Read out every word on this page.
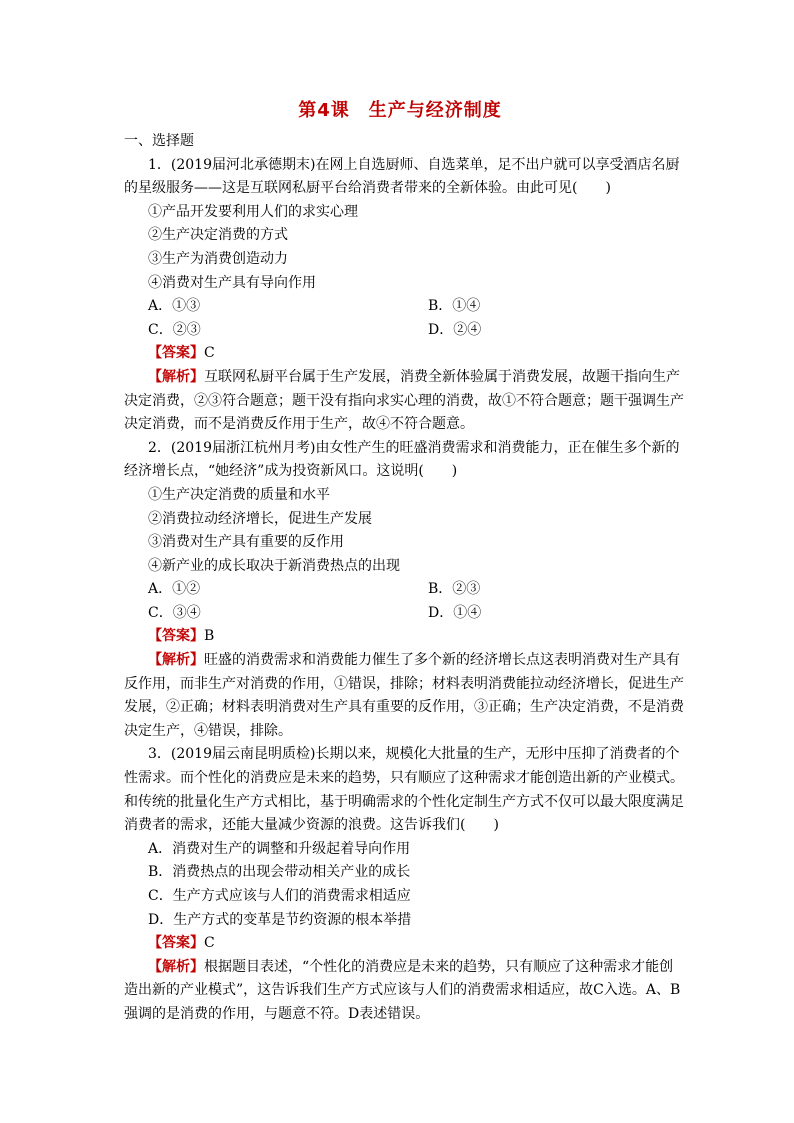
第4课　生产与经济制度
一、选择题
1．(2019届河北承德期末)在网上自选厨师、自选菜单，足不出户就可以享受酒店名厨
的星级服务——这是互联网私厨平台给消费者带来的全新体验。由此可见(　　)
①产品开发要利用人们的求实心理
②生产决定消费的方式
③生产为消费创造动力
④消费对生产具有导向作用
A．①③	B．①④
C．②③	D．②④
【答案】C
【解析】互联网私厨平台属于生产发展，消费全新体验属于消费发展，故题干指向生产
决定消费，②③符合题意；题干没有指向求实心理的消费，故①不符合题意；题干强调生产
决定消费，而不是消费反作用于生产，故④不符合题意。
2．(2019届浙江杭州月考)由女性产生的旺盛消费需求和消费能力，正在催生多个新的
经济增长点，“她经济”成为投资新风口。这说明(　　)
①生产决定消费的质量和水平
②消费拉动经济增长，促进生产发展
③消费对生产具有重要的反作用
④新产业的成长取决于新消费热点的出现
A．①②	B．②③
C．③④	D．①④
【答案】B
【解析】旺盛的消费需求和消费能力催生了多个新的经济增长点这表明消费对生产具有
反作用，而非生产对消费的作用，①错误，排除；材料表明消费能拉动经济增长，促进生产
发展，②正确；材料表明消费对生产具有重要的反作用，③正确；生产决定消费，不是消费
决定生产，④错误，排除。
3．(2019届云南昆明质检)长期以来，规模化大批量的生产，无形中压抑了消费者的个
性需求。而个性化的消费应是未来的趋势，只有顺应了这种需求才能创造出新的产业模式。
和传统的批量化生产方式相比，基于明确需求的个性化定制生产方式不仅可以最大限度满足
消费者的需求，还能大量减少资源的浪费。这告诉我们(　　)
A．消费对生产的调整和升级起着导向作用
B．消费热点的出现会带动相关产业的成长
C．生产方式应该与人们的消费需求相适应
D．生产方式的变革是节约资源的根本举措
【答案】C
【解析】根据题目表述，“个性化的消费应是未来的趋势，只有顺应了这种需求才能创
造出新的产业模式”，这告诉我们生产方式应该与人们的消费需求相适应，故C入选。A、B
强调的是消费的作用，与题意不符。D表述错误。
